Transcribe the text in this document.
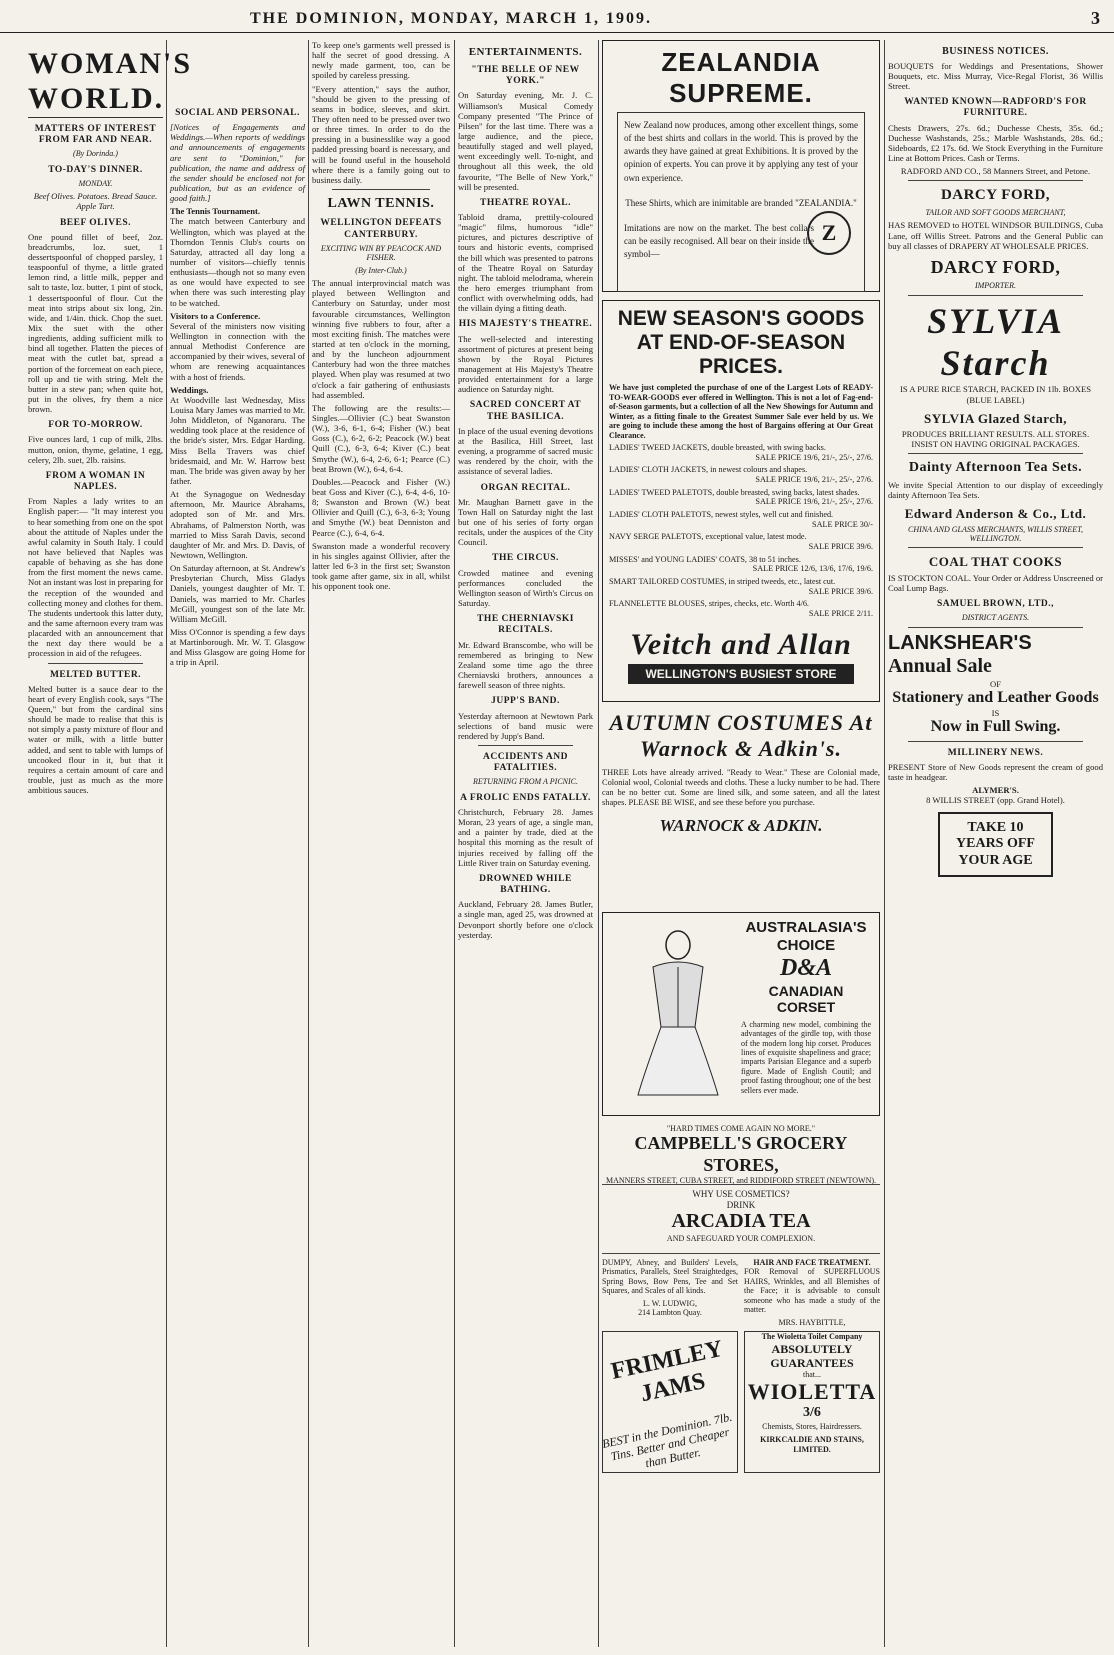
THE DOMINION, MONDAY, MARCH 1, 1909.	3
WOMAN'S WORLD.
MATTERS OF INTEREST FROM FAR AND NEAR.
(By Dorinda.)
TO-DAY'S DINNER.
MONDAY.

Beef Olives. Potatoes. Bread Sauce. Apple Tart.

BEEF OLIVES.

One pound fillet of beef, 2oz. breadcrumbs, loz. suet, 1 dessertspoonful of chopped parsley, 1 teaspoonful of thyme, a little grated lemon rind, a little milk, pepper and salt to taste, loz. butter, 1 pint of stock, 1 dessertspoonful of flour. Cut the meat into strips about six long, 2in. wide, and 1/4in. thick. Chop the suet. Mix the suet with the other ingredients, adding sufficient milk to bind all together. Flatten the pieces of meat with the cutlet bat, spread a portion of the forcemeat on each piece, roll up and tie with string. Melt the butter in a stew pan; when quite hot, put in the olives, fry them a nice brown.

FOR TO-MORROW.

Five ounces lard, 1 cup of milk, 2lbs. mutton, onion, thyme, gelatine, 1 egg, celery, 2lb. suet, 2lb. raisins.

FROM A WOMAN IN NAPLES.

From Naples a lady writes to an English paper:— "It may interest you to hear something from one on the spot about the attitude of Naples under the awful calamity in South Italy. I could not have believed that Naples was capable of behaving as she has done from the first moment the news came. Not an instant was lost in preparing for the reception of the wounded and collecting money and clothes for them. The students undertook this latter duty, and the same afternoon every tram was placarded with an announcement that the next day there would be a procession in aid of the refugees.

MELTED BUTTER.

Melted butter is a sauce dear to the heart of every English cook, says "The Queen," but from the cardinal sins should be made to realise that this is not simply a pasty mixture of flour and water or milk, with a little butter added, and sent to table with lumps of uncooked flour in it, but that it requires a certain amount of care and trouble, just as much as the more ambitious sauces.

SOCIAL AND PERSONAL.

[Notices of Engagements and Weddings.—When reports of weddings and announcements of engagements are sent to "Dominion," for publication, the name and address of the sender should be enclosed not for publication, but as an evidence of good faith.]

The Tennis Tournament.

The match between Canterbury and Wellington, which was played at the Thorndon Tennis Club's courts on Saturday, attracted all day long a number of visitors—chiefly tennis enthusiasts—though not so many even as one would have expected to see when there was such interesting play to be watched.

Visitors to a Conference.

Several of the ministers now visiting Wellington in connection with the annual Methodist Conference are accompanied by their wives, several of whom are renewing acquaintances with a host of friends.

Weddings.

At Woodville last Wednesday, Miss Louisa Mary James was married to Mr. John Middleton, of Nganoraru. The wedding took place at the residence of the bride's sister, Mrs. Edgar Harding. Miss Bella Travers was chief bridesmaid, and Mr. W. Harrow best man. The bride was given away by her father.

At the Synagogue on Wednesday afternoon, Mr. Maurice Abrahams, adopted son of Mr. and Mrs. Abrahams, of Palmerston North, was married to Miss Sarah Davis, second daughter of Mr. and Mrs. D. Davis, of Newtown, Wellington.

On Saturday afternoon, at St. Andrew's Presbyterian Church, Miss Gladys Daniels, youngest daughter of Mr. T. Daniels, was married to Mr. Charles McGill, youngest son of the late Mr. William McGill.

Miss O'Connor is spending a few days at Martinborough. Mr. W. T. Glasgow and Miss Glasgow are going Home for a trip in April.

To keep one's garments well pressed is half the secret of good dressing. A newly made garment, too, can be spoiled by careless pressing.

"Every attention," says the author, "should be given to the pressing of seams in bodice, sleeves, and skirt. They often need to be pressed over two or three times. In order to do the pressing in a businesslike way a good padded pressing board is necessary, and will be found useful in the household where there is a family going out to business daily.

LAWN TENNIS.
WELLINGTON DEFEATS CANTERBURY.
EXCITING WIN BY PEACOCK AND FISHER.
(By Inter-Club.)

The annual interprovincial match was played between Wellington and Canterbury on Saturday, under most favourable circumstances, Wellington winning five rubbers to four, after a most exciting finish. The matches were started at ten o'clock in the morning, and by the luncheon adjournment Canterbury had won the three matches played. When play was resumed at two o'clock a fair gathering of enthusiasts had assembled.

The following are the results:— Singles.—Ollivier (C.) beat Swanston (W.), 3-6, 6-1, 6-4; Fisher (W.) beat Goss (C.), 6-2, 6-2; Peacock (W.) beat Quill (C.), 6-3, 6-4; Kiver (C.) beat Smythe (W.), 6-4, 2-6, 6-1; Pearce (C.) beat Brown (W.), 6-4, 6-4.

Doubles.—Peacock and Fisher (W.) beat Goss and Kiver (C.), 6-4, 4-6, 10-8; Swanston and Brown (W.) beat Ollivier and Quill (C.), 6-3, 6-3; Young and Smythe (W.) beat Denniston and Pearce (C.), 6-4, 6-4.

Swanston made a wonderful recovery in his singles against Ollivier, after the latter led 6-3 in the first set; Swanston took game after game, six in all, whilst his opponent took one.

ENTERTAINMENTS.
"THE BELLE OF NEW YORK."

On Saturday evening, Mr. J. C. Williamson's Musical Comedy Company presented "The Prince of Pilsen" for the last time. There was a large audience, and the piece, beautifully staged and well played, went exceedingly well. To-night, and throughout all this week, the old favourite, "The Belle of New York," will be presented.

THEATRE ROYAL.

Tabloid drama, prettily-coloured "magic" films, humorous "idle" pictures, and pictures descriptive of tours and historic events, comprised the bill which was presented to patrons of the Theatre Royal on Saturday night. The tabloid melodrama, wherein the hero emerges triumphant from conflict with overwhelming odds, had the villain dying a fitting death.

HIS MAJESTY'S THEATRE.

The well-selected and interesting assortment of pictures at present being shown by the Royal Pictures management at His Majesty's Theatre provided entertainment for a large audience on Saturday night.

SACRED CONCERT AT THE BASILICA.

In place of the usual evening devotions at the Basilica, Hill Street, last evening, a programme of sacred music was rendered by the choir, with the assistance of several ladies.

ORGAN RECITAL.

Mr. Maughan Barnett gave in the Town Hall on Saturday night the last but one of his series of forty organ recitals, under the auspices of the City Council.

THE CIRCUS.

Crowded matinee and evening performances concluded the Wellington season of Wirth's Circus on Saturday.

THE CHERNIAVSKI RECITALS.

Mr. Edward Branscombe, who will be remembered as bringing to New Zealand some time ago the three Cherniavski brothers, announces a farewell season of three nights.

JUPP'S BAND.

Yesterday afternoon at Newtown Park selections of band music were rendered by Jupp's Band.

ACCIDENTS AND FATALITIES.
RETURNING FROM A PICNIC.
A FROLIC ENDS FATALLY.

Christchurch, February 28. James Moran, 23 years of age, a single man, and a painter by trade, died at the hospital this morning as the result of injuries received by falling off the Little River train on Saturday evening.

DROWNED WHILE BATHING.

Auckland, February 28. James Butler, a single man, aged 25, was drowned at Devonport shortly before one o'clock yesterday.

ZEALANDIA SUPREME.

New Zealand now produces, among other excellent things, some of the best shirts and collars in the world. This is proved by the awards they have gained at great Exhibitions. It is proved by the opinion of experts. You can prove it by applying any test of your own experience.

These Shirts, which are inimitable are branded "ZEALANDIA."

Imitations are now on the market. The best collars can be easily recognised. All bear on their inside the symbol—

Z
NEW SEASON'S GOODS AT END-OF-SEASON PRICES.

We have just completed the purchase of one of the Largest Lots of READY-TO-WEAR-GOODS ever offered in Wellington. This is not a lot of Fag-end-of-Season garments, but a collection of all the New Showings for Autumn and Winter, as a fitting finale to the Greatest Summer Sale ever held by us. We are going to include these among the host of Bargains offering at Our Great Clearance.

LADIES' TWEED JACKETS, double breasted, with swing backs.
SALE PRICE 19/6, 21/-, 25/-, 27/6.
LADIES' CLOTH JACKETS, in newest colours and shapes.
SALE PRICE 19/6, 21/-, 25/-, 27/6.
LADIES' TWEED PALETOTS, double breasted, swing backs, latest shades.
SALE PRICE 19/6, 21/-, 25/-, 27/6.
LADIES' CLOTH PALETOTS, newest styles, well cut and finished.
SALE PRICE 30/-
NAVY SERGE PALETOTS, exceptional value, latest mode.
SALE PRICE 39/6.
MISSES' and YOUNG LADIES' COATS, 38 to 51 inches.
SALE PRICE 12/6, 13/6, 17/6, 19/6.
SMART TAILORED COSTUMES, in striped tweeds, etc., latest cut.
SALE PRICE 39/6.
FLANNELETTE BLOUSES, stripes, checks, etc. Worth 4/6.
SALE PRICE 2/11.
Veitch and Allan
WELLINGTON'S BUSIEST STORE
AUTUMN COSTUMES At Warnock & Adkin's.

THREE Lots have already arrived. "Ready to Wear." These are Colonial made, Colonial wool, Colonial tweeds and cloths. These a lucky number to be had. There can be no better cut. Some are lined silk, and some sateen, and all the latest shapes. PLEASE BE WISE, and see these before you purchase.

WARNOCK & ADKIN.
AUSTRALASIA'S CHOICE
D&A
CANADIAN CORSET

A charming new model, combining the advantages of the girdle top, with those of the modern long hip corset. Produces lines of exquisite shapeliness and grace; imparts Parisian Elegance and a superb figure. Made of English Coutil; and proof fasting throughout; one of the best sellers ever made.

"HARD TIMES COME AGAIN NO MORE."
CAMPBELL'S GROCERY STORES,
MANNERS STREET, CUBA STREET, and RIDDIFORD STREET (NEWTOWN).
WHY USE COSMETICS?
DRINK
ARCADIA TEA
AND SAFEGUARD YOUR COMPLEXION.

DUMPY, Abney, and Builders' Levels, Prismatics, Parallels, Steel Straightedges, Spring Bows, Bow Pens, Tee and Set Squares, and Scales of all kinds.

L. W. LUDWIG,
214 Lambton Quay.
HAIR AND FACE TREATMENT.

FOR Removal of SUPERFLUOUS HAIRS, Wrinkles, and all Blemishes of the Face; it is advisable to consult someone who has made a study of the matter.

MRS. HAYBITTLE,
FRIMLEY JAMS
BEST in the Dominion. 7lb. Tins. Better and Cheaper than Butter.
The Wioletta Toilet Company
ABSOLUTELY GUARANTEES
that...
WIOLETTA
3/6
Chemists, Stores, Hairdressers.
KIRKCALDIE AND STAINS, LIMITED.
BUSINESS NOTICES.

BOUQUETS for Weddings and Presentations, Shower Bouquets, etc. Miss Murray, Vice-Regal Florist, 36 Willis Street.

WANTED KNOWN—RADFORD'S FOR FURNITURE.

Chests Drawers, 27s. 6d.; Duchesse Chests, 35s. 6d.; Duchesse Washstands, 25s.; Marble Washstands, 28s. 6d.; Sideboards, £2 17s. 6d. We Stock Everything in the Furniture Line at Bottom Prices. Cash or Terms.

RADFORD AND CO., 58 Manners Street, and Petone.
DARCY FORD,
TAILOR AND SOFT GOODS MERCHANT,

HAS REMOVED to HOTEL WINDSOR BUILDINGS, Cuba Lane, off Willis Street. Patrons and the General Public can buy all classes of DRAPERY AT WHOLESALE PRICES.

DARCY FORD,
IMPORTER.
SYLVIA Starch

IS A PURE RICE STARCH, PACKED IN 1lb. BOXES (BLUE LABEL)

SYLVIA Glazed Starch,

PRODUCES BRILLIANT RESULTS. ALL STORES. INSIST ON HAVING ORIGINAL PACKAGES.

Dainty Afternoon Tea Sets.

We invite Special Attention to our display of exceedingly dainty Afternoon Tea Sets.

Edward Anderson & Co., Ltd.
CHINA AND GLASS MERCHANTS, WILLIS STREET, WELLINGTON.
COAL THAT COOKS

IS STOCKTON COAL. Your Order or Address Unscreened or Coal Lump Bags.

SAMUEL BROWN, LTD.,
DISTRICT AGENTS.
LANKSHEAR'S
Annual Sale
OF
Stationery and Leather Goods
IS
Now in Full Swing.
MILLINERY NEWS.

PRESENT Store of New Goods represent the cream of good taste in headgear.

ALYMER'S.
8 WILLIS STREET (opp. Grand Hotel).
TAKE 10 YEARS OFF YOUR AGE
